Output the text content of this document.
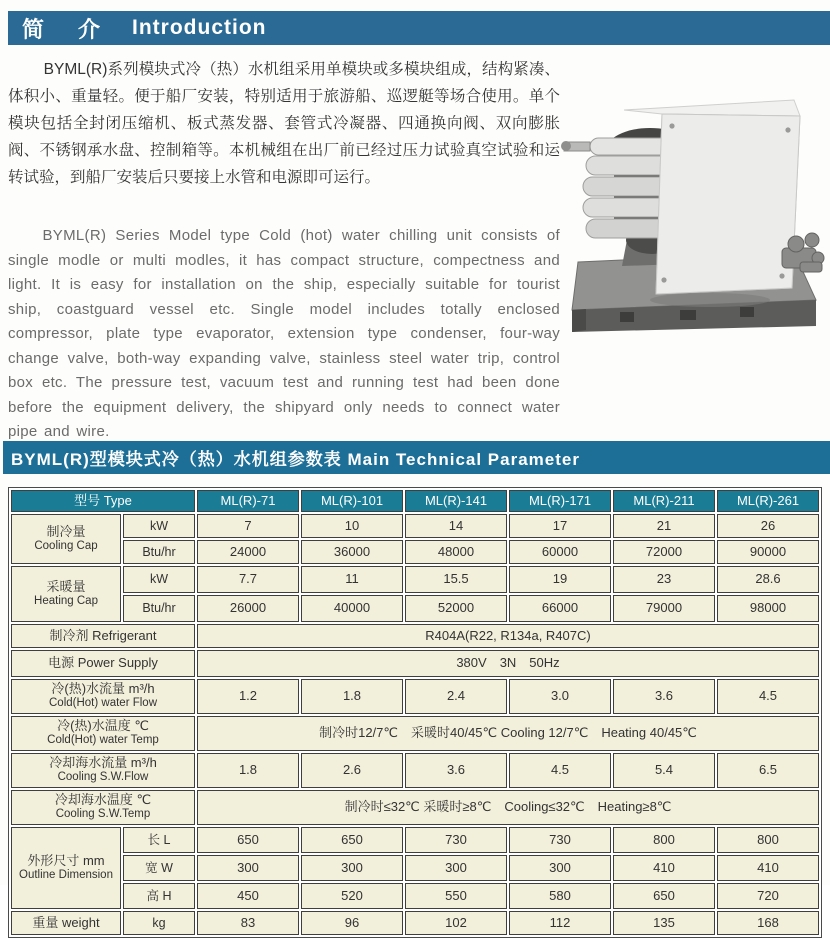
简　介 Introduction

BYML(R)系列模块式冷（热）水机组采用单模块或多模块组成，结构紧凑、体积小、重量轻。便于船厂安装，特别适用于旅游船、巡逻艇等场合使用。单个模块包括全封闭压缩机、板式蒸发器、套管式冷凝器、四通换向阀、双向膨胀阀、不锈钢承水盘、控制箱等。本机械组在出厂前已经过压力试验真空试验和运转试验，到船厂安装后只要接上水管和电源即可运行。

BYML(R) Series Model type Cold (hot) water chilling unit consists of single modle or multi modles, it has compact structure, compectness and light. It is easy for installation on the ship, especially suitable for tourist ship, coastguard vessel etc. Single model includes totally enclosed compressor, plate type evaporator, extension type condenser, four-way change valve, both-way expanding valve, stainless steel water trip, control box etc. The pressure test, vacuum test and running test had been done before the equipment delivery, the shipyard only needs to connect water pipe and wire.

BYML(R)型模块式冷（热）水机组参数表 Main Technical Parameter
型号 Type		ML(R)-71	ML(R)-101	ML(R)-141	ML(R)-171	ML(R)-211	ML(R)-261

制冷量
Cooling Cap	kW	7	10	14	17	21	26
	Btu/hr	24000	36000	48000	60000	72000	90000

采暖量
Heating Cap	kW	7.7	11	15.5	19	23	28.6
	Btu/hr	26000	40000	52000	66000	79000	98000
制冷剂 Refrigerant		R404A(R22, R134a, R407C)					
电源 Power Supply		380V　3N　50Hz					

冷(热)水流量 m³/h
Cold(Hot) water Flow		1.2	1.8	2.4	3.0	3.6	4.5

冷(热)水温度 ℃
Cold(Hot) water Temp		制冷时12/7℃　采暖时40/45℃ Cooling 12/7℃　Heating 40/45℃					

冷却海水流量 m³/h
Cooling S.W.Flow		1.8	2.6	3.6	4.5	5.4	6.5

冷却海水温度 ℃
Cooling S.W.Temp		制冷时≤32℃ 采暖时≥8℃　Cooling≤32℃　Heating≥8℃					

外形尺寸 mm
Outline Dimension	长 L	650	650	730	730	800	800
	宽 W	300	300	300	300	410	410
	高 H	450	520	550	580	650	720
重量 weight	kg	83	96	102	112	135	168
